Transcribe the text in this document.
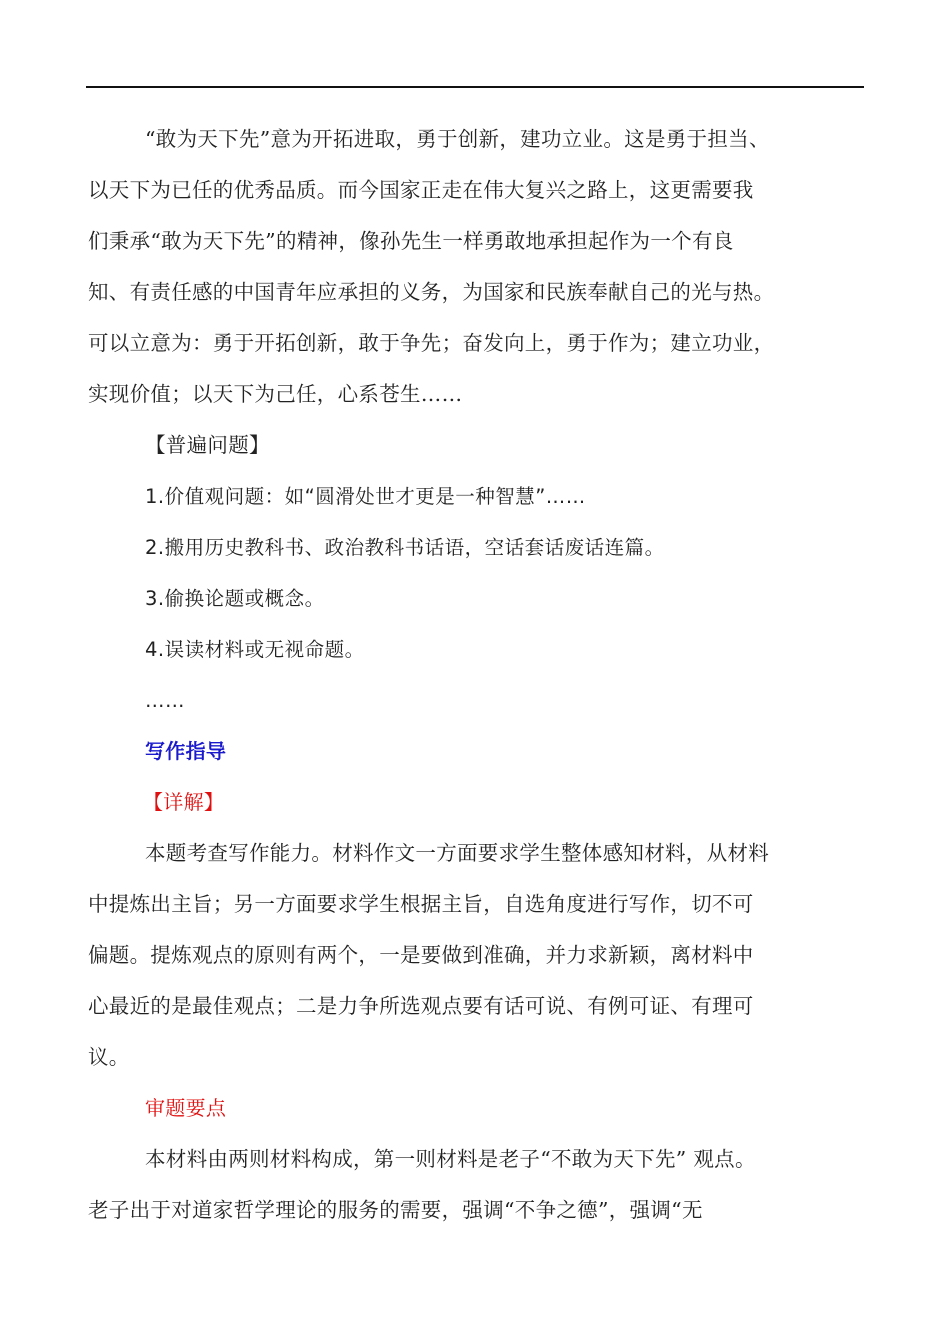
“敢为天下先”意为开拓进取，勇于创新，建功立业。这是勇于担当、
以天下为已任的优秀品质。而今国家正走在伟大复兴之路上，这更需要我
们秉承“敢为天下先”的精神，像孙先生一样勇敢地承担起作为一个有良
知、有责任感的中国青年应承担的义务，为国家和民族奉献自己的光与热。
可以立意为：勇于开拓创新，敢于争先；奋发向上，勇于作为；建立功业，
实现价值；以天下为己任，心系苍生……
【普遍问题】
1.价值观问题：如“圆滑处世才更是一种智慧”……
2.搬用历史教科书、政治教科书话语，空话套话废话连篇。
3.偷换论题或概念。
4.误读材料或无视命题。
……
写作指导
【详解】
本题考查写作能力。材料作文一方面要求学生整体感知材料，从材料
中提炼出主旨；另一方面要求学生根据主旨，自选角度进行写作，切不可
偏题。提炼观点的原则有两个，一是要做到准确，并力求新颖，离材料中
心最近的是最佳观点；二是力争所选观点要有话可说、有例可证、有理可
议。
审题要点
本材料由两则材料构成，第一则材料是老子“不敢为天下先” 观点。
老子出于对道家哲学理论的服务的需要，强调“不争之德”，强调“无
